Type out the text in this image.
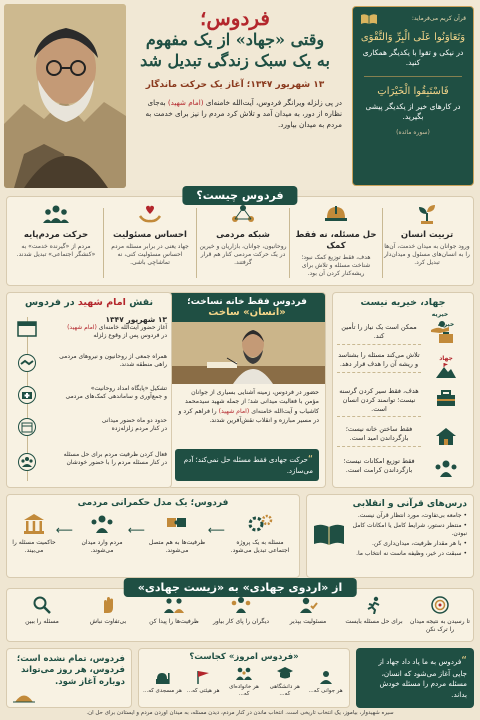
قرآن کریم می‌فرماید:
وَتَعَاوَنُوا عَلَى الْبِرِّ وَالتَّقْوَى
در نیکی و تقوا با یکدیگر همکاری کنید.
فَاسْتَبِقُوا الْخَيْرَاتِ
در کارهای خیر از یکدیگر پیشی بگیرید.
(سوره مائده)
فردوس؛
وقتی «جهاد» از یک مفهوم
به یک سبک زندگی تبدیل شد
۱۳ شهریور ۱۳۴۷؛ آغاز یک حرکت ماندگار
در پی زلزله ویرانگر فردوس، آیت‌الله خامنه‌ای (امام شهید) به‌جای نظاره از دور، به میدان آمد و تلاش کرد مردم را نیز برای خدمت به مردم به میدان بیاورد.
فردوس چیست؟
تربیت انسان
ورود جوانان به میدان خدمت، آن‌ها را به انسان‌های مسئول و میدان‌دار تبدیل کرد.
حل مسئله، نه فقط کمک
هدف، فقط توزیع کمک نبود؛ شناخت مسئله و تلاش برای ریشه‌کنار کردن آن بود.
شبکه مردمی
روحانیون، جوانان، بازاریان و خیرین در یک حرکت مردمی کنار هم قرار گرفتند.
احساس مسئولیت
جهاد یعنی در برابر مسئله مردم احساس مسئولیت کنی، نه تماشاچی باشی.
حرکت مردم‌پایه
مردم از «گیرنده خدمت» به «کنشگر اجتماعی» تبدیل شدند.
جهاد، خیریه نیست
خیریه
ممکن است یک نیاز را تأمین کند.
خیریه
جهاد
تلاش می‌کند مسئله را بشناسد و ریشه آن را هدف قرار دهد.
هدف، فقط سیر کردن گرسنه نیست؛ توانمند کردن انسان است.
فقط ساختن خانه نیست؛ بازگرداندن امید است.
فقط توزیع امکانات نیست؛ بازگرداندن کرامت است.
فردوس فقط خانه نساخت؛
«انسان» ساخت
حضور در فردوس، زمینه آشنایی بسیاری از جوانان مؤمن با فعالیت میدانی شد؛ از جمله شهید سید‌محمد کاشیاب و آیت‌الله خامنه‌ای (امام شهید) را فراهم کرد و در مسیر مبارزه و انقلاب نقش‌آفرین شدند.
“حرکت جهادی فقط مسئله حل نمی‌کند؛ آدم می‌سازد.
نقش امام شهید در فردوس
۱۳ شهریور ۱۳۴۷
آغاز حضور آیت‌الله خامنه‌ای (امام شهید)
در فردوس پس از وقوع زلزله
همراه جمعی از روحانیون و نیروهای مردمی
راهی منطقه شدند.
تشکیل «پایگاه امداد روحانیت»
و جمع‌آوری و ساماندهی کمک‌های مردمی
حدود دو ماه حضور میدانی
در کنار مردم زلزله‌زده
فعال کردن ظرفیت مردم برای حل مسئله
در کنار مسئله مردم را با حضور خودشان
درس‌های قرآنی و انقلابی
• جامعه بی‌تفاوت، مورد انتظار قرآن نیست.
• منتظر دستور، شرایط کامل یا امکانات کامل نبودن.
• با هر مقدار ظرفیت، میدان‌داری کن.
• سبقت در خیر، وظیفه ماست نه انتخاب ما.
فردوس؛ یک مدل حکمرانی مردمی
مسئله به یک پروژه اجتماعی تبدیل می‌شود.
⟵
ظرفیت‌ها به هم متصل می‌شوند.
⟵
مردم وارد میدان می‌شوند.
⟵
حاکمیت مسئله را می‌بیند.
از «اردوی جهادی» به «زیست جهادی»
تا رسیدن به نتیجه میدان را ترک نکن
برای حل مسئله بایست
مسئولیت بپذیر
دیگران را پای کار بیاور
ظرفیت‌ها را پیدا کن
بی‌تفاوت نباش
مسئله را ببین
“فردوس به ما یاد داد جهاد از جایی آغاز می‌شود که انسان، مسئله مردم را مسئله خودش بداند.
«فردوس امروز» کجاست؟
هر جوانی که...
هر دانشگاهی که...
هر خانواده‌ای که...
هر هیئتی که...
هر مسجدی که...
فردوس، تمام نشده است؛ فردوس، هر روز می‌تواند دوباره آغاز شود.
سیره شهیدوار، بیاموز، یک انتخاب تاریخی است. انتخاب ماندن در کنار مردم، دیدن مسئله، به میدان آوردن مردم و ایستادن برای حل آن.
